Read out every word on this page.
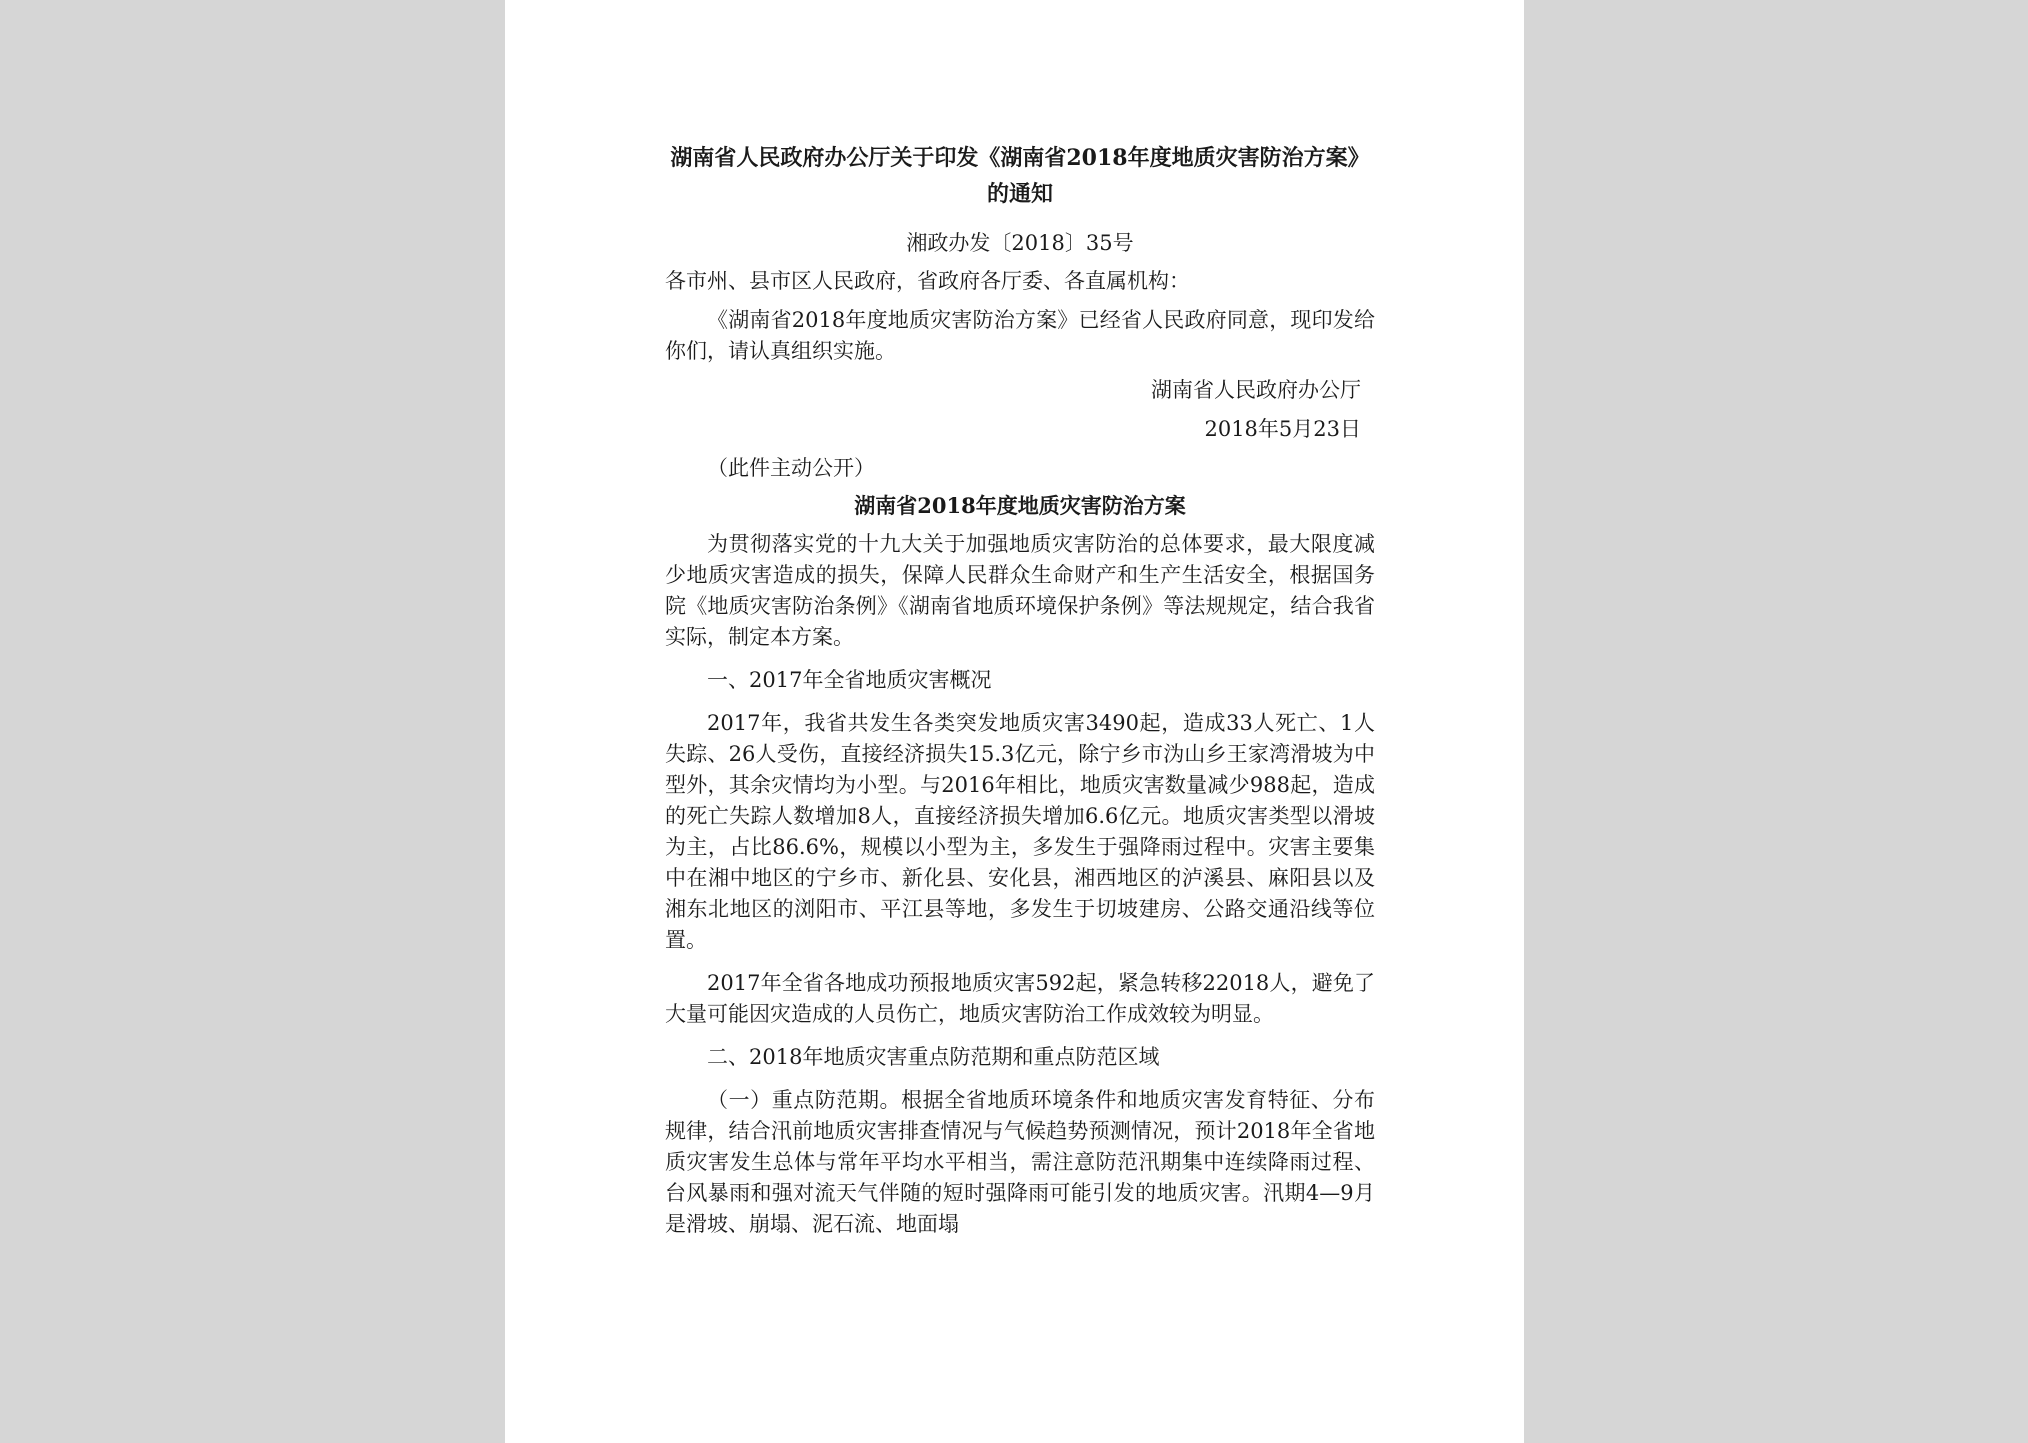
湖南省人民政府办公厅关于印发《湖南省2018年度地质灾害防治方案》的通知
湘政办发〔2018〕35号

各市州、县市区人民政府，省政府各厅委、各直属机构：

《湖南省2018年度地质灾害防治方案》已经省人民政府同意，现印发给你们，请认真组织实施。

湖南省人民政府办公厅

2018年5月23日

（此件主动公开）

湖南省2018年度地质灾害防治方案

为贯彻落实党的十九大关于加强地质灾害防治的总体要求，最大限度减少地质灾害造成的损失，保障人民群众生命财产和生产生活安全，根据国务院《地质灾害防治条例》《湖南省地质环境保护条例》等法规规定，结合我省实际，制定本方案。

一、2017年全省地质灾害概况

2017年，我省共发生各类突发地质灾害3490起，造成33人死亡、1人失踪、26人受伤，直接经济损失15.3亿元，除宁乡市沩山乡王家湾滑坡为中型外，其余灾情均为小型。与2016年相比，地质灾害数量减少988起，造成的死亡失踪人数增加8人，直接经济损失增加6.6亿元。地质灾害类型以滑坡为主，占比86.6%，规模以小型为主，多发生于强降雨过程中。灾害主要集中在湘中地区的宁乡市、新化县、安化县，湘西地区的泸溪县、麻阳县以及湘东北地区的浏阳市、平江县等地，多发生于切坡建房、公路交通沿线等位置。

2017年全省各地成功预报地质灾害592起，紧急转移22018人，避免了大量可能因灾造成的人员伤亡，地质灾害防治工作成效较为明显。

二、2018年地质灾害重点防范期和重点防范区域

（一）重点防范期。根据全省地质环境条件和地质灾害发育特征、分布规律，结合汛前地质灾害排查情况与气候趋势预测情况，预计2018年全省地质灾害发生总体与常年平均水平相当，需注意防范汛期集中连续降雨过程、台风暴雨和强对流天气伴随的短时强降雨可能引发的地质灾害。汛期4—9月是滑坡、崩塌、泥石流、地面塌
